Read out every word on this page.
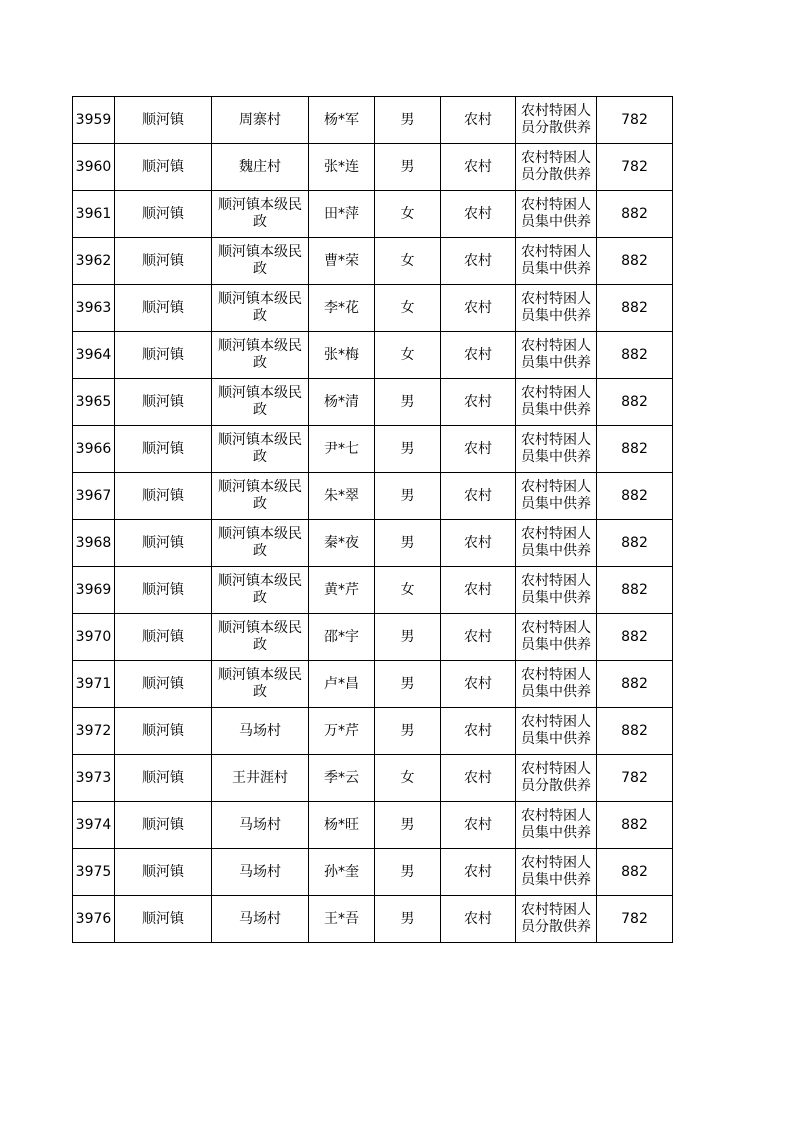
3959	顺河镇	周寨村	杨*军	男	农村	农村特困人员分散供养	782
3960	顺河镇	魏庄村	张*连	男	农村	农村特困人员分散供养	782
3961	顺河镇	顺河镇本级民政	田*萍	女	农村	农村特困人员集中供养	882
3962	顺河镇	顺河镇本级民政	曹*荣	女	农村	农村特困人员集中供养	882
3963	顺河镇	顺河镇本级民政	李*花	女	农村	农村特困人员集中供养	882
3964	顺河镇	顺河镇本级民政	张*梅	女	农村	农村特困人员集中供养	882
3965	顺河镇	顺河镇本级民政	杨*清	男	农村	农村特困人员集中供养	882
3966	顺河镇	顺河镇本级民政	尹*七	男	农村	农村特困人员集中供养	882
3967	顺河镇	顺河镇本级民政	朱*翠	男	农村	农村特困人员集中供养	882
3968	顺河镇	顺河镇本级民政	秦*夜	男	农村	农村特困人员集中供养	882
3969	顺河镇	顺河镇本级民政	黄*芹	女	农村	农村特困人员集中供养	882
3970	顺河镇	顺河镇本级民政	邵*宇	男	农村	农村特困人员集中供养	882
3971	顺河镇	顺河镇本级民政	卢*昌	男	农村	农村特困人员集中供养	882
3972	顺河镇	马场村	万*芹	男	农村	农村特困人员集中供养	882
3973	顺河镇	王井涯村	季*云	女	农村	农村特困人员分散供养	782
3974	顺河镇	马场村	杨*旺	男	农村	农村特困人员集中供养	882
3975	顺河镇	马场村	孙*奎	男	农村	农村特困人员集中供养	882
3976	顺河镇	马场村	王*吾	男	农村	农村特困人员分散供养	782
